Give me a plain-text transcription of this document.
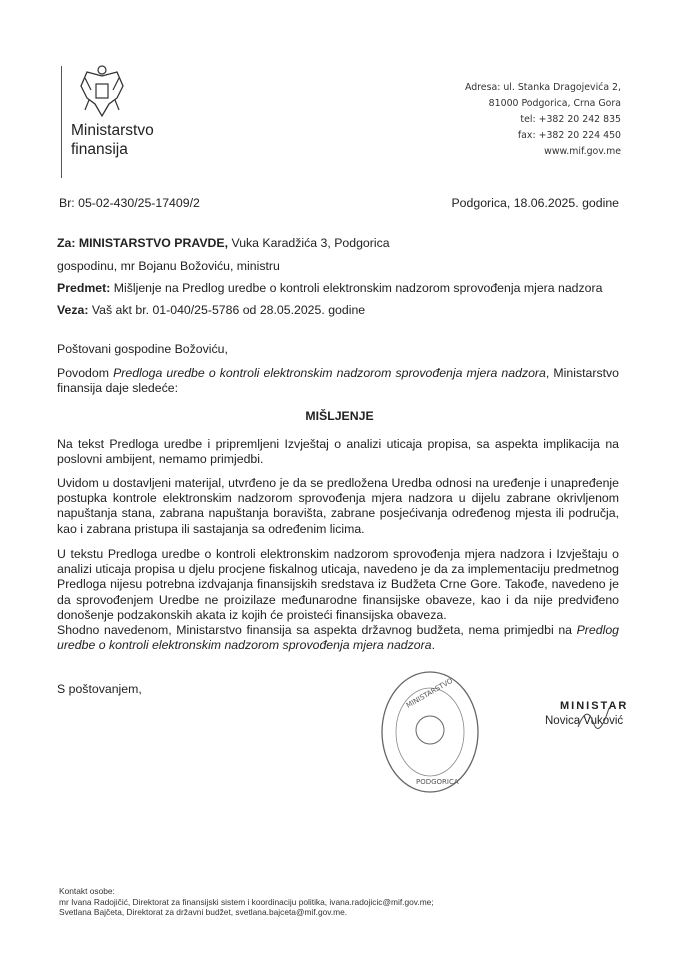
Ministarstvo
finansija
Adresa: ul. Stanka Dragojevića 2,
81000 Podgorica, Crna Gora
tel: +382 20 242 835
fax: +382 20 224 450
www.mif.gov.me
Br: 05-02-430/25-17409/2	Podgorica, 18.06.2025. godine
Za: MINISTARSTVO PRAVDE, Vuka Karadžića 3, Podgorica
gospodinu, mr Bojanu Božoviću, ministru
Predmet: Mišljenje na Predlog uredbe o kontroli elektronskim nadzorom sprovođenja mjera nadzora
Veza: Vaš akt br. 01-040/25-5786 od 28.05.2025. godine
Poštovani gospodine Božoviću,
Povodom Predloga uredbe o kontroli elektronskim nadzorom sprovođenja mjera nadzora, Ministarstvo finansija daje sledeće:
MIŠLJENJE
Na tekst Predloga uredbe i pripremljeni Izvještaj o analizi uticaja propisa, sa aspekta implikacija na poslovni ambijent, nemamo primjedbi.
Uvidom u dostavljeni materijal, utvrđeno je da se predložena Uredba odnosi na uređenje i unapređenje postupka kontrole elektronskim nadzorom sprovođenja mjera nadzora u dijelu zabrane okrivljenom napuštanja stana, zabrana napuštanja boravišta, zabrane posjećivanja određenog mjesta ili područja, kao i zabrana pristupa ili sastajanja sa određenim licima.
U tekstu Predloga uredbe o kontroli elektronskim nadzorom sprovođenja mjera nadzora i Izvještaju o analizi uticaja propisa u djelu procjene fiskalnog uticaja, navedeno je da za implementaciju predmetnog Predloga nijesu potrebna izdvajanja finansijskih sredstava iz Budžeta Crne Gore. Takođe, navedeno je da sprovođenjem Uredbe ne proizilaze međunarodne finansijske obaveze, kao i da nije predviđeno donošenje podzakonskih akata iz kojih će proisteći finansijska obaveza.
Shodno navedenom, Ministarstvo finansija sa aspekta državnog budžeta, nema primjedbi na Predlog uredbe o kontroli elektronskim nadzorom sprovođenja mjera nadzora.
S poštovanjem,	MINISTARSTVO
PODGORICA
MINISTAR
Novica Vuković
Kontakt osobe:
mr Ivana Radojičić, Direktorat za finansijski sistem i koordinaciju politika, ivana.radojicic@mif.gov.me;
Svetlana Bajčeta, Direktorat za državni budžet, svetlana.bajceta@mif.gov.me.
